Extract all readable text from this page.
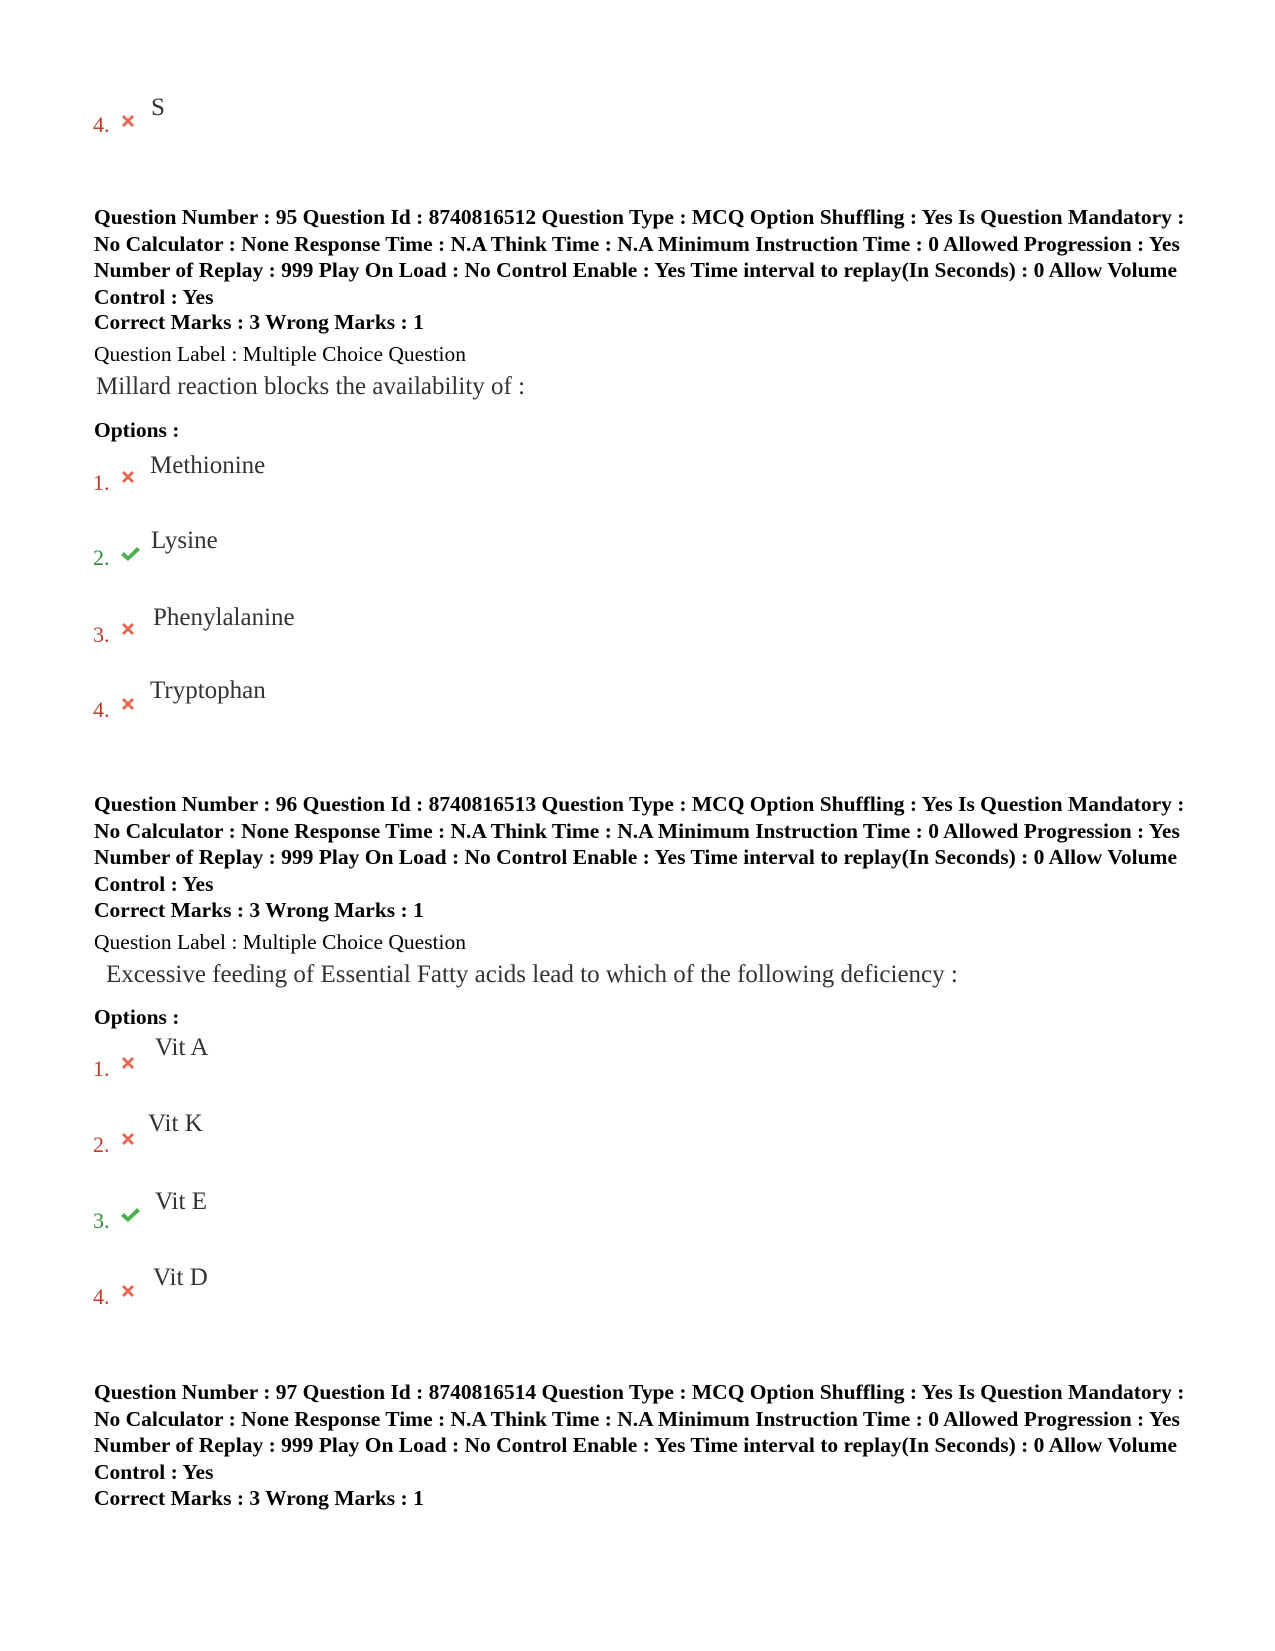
4.
S
Question Number : 95 Question Id : 8740816512 Question Type : MCQ Option Shuffling : Yes Is Question Mandatory : No Calculator : None Response Time : N.A Think Time : N.A Minimum Instruction Time : 0 Allowed Progression : Yes Number of Replay : 999 Play On Load : No Control Enable : Yes Time interval to replay(In Seconds) : 0 Allow Volume Control : Yes
Correct Marks : 3 Wrong Marks : 1
Question Label : Multiple Choice Question
Millard reaction blocks the availability of :
Options :
1.
Methionine
2.
Lysine
3.
Phenylalanine
4.
Tryptophan
Question Number : 96 Question Id : 8740816513 Question Type : MCQ Option Shuffling : Yes Is Question Mandatory : No Calculator : None Response Time : N.A Think Time : N.A Minimum Instruction Time : 0 Allowed Progression : Yes Number of Replay : 999 Play On Load : No Control Enable : Yes Time interval to replay(In Seconds) : 0 Allow Volume Control : Yes
Correct Marks : 3 Wrong Marks : 1
Question Label : Multiple Choice Question
Excessive feeding of Essential Fatty acids lead to which of the following deficiency :
Options :
1.
Vit A
2.
Vit K
3.
Vit E
4.
Vit D
Question Number : 97 Question Id : 8740816514 Question Type : MCQ Option Shuffling : Yes Is Question Mandatory : No Calculator : None Response Time : N.A Think Time : N.A Minimum Instruction Time : 0 Allowed Progression : Yes Number of Replay : 999 Play On Load : No Control Enable : Yes Time interval to replay(In Seconds) : 0 Allow Volume Control : Yes
Correct Marks : 3 Wrong Marks : 1
